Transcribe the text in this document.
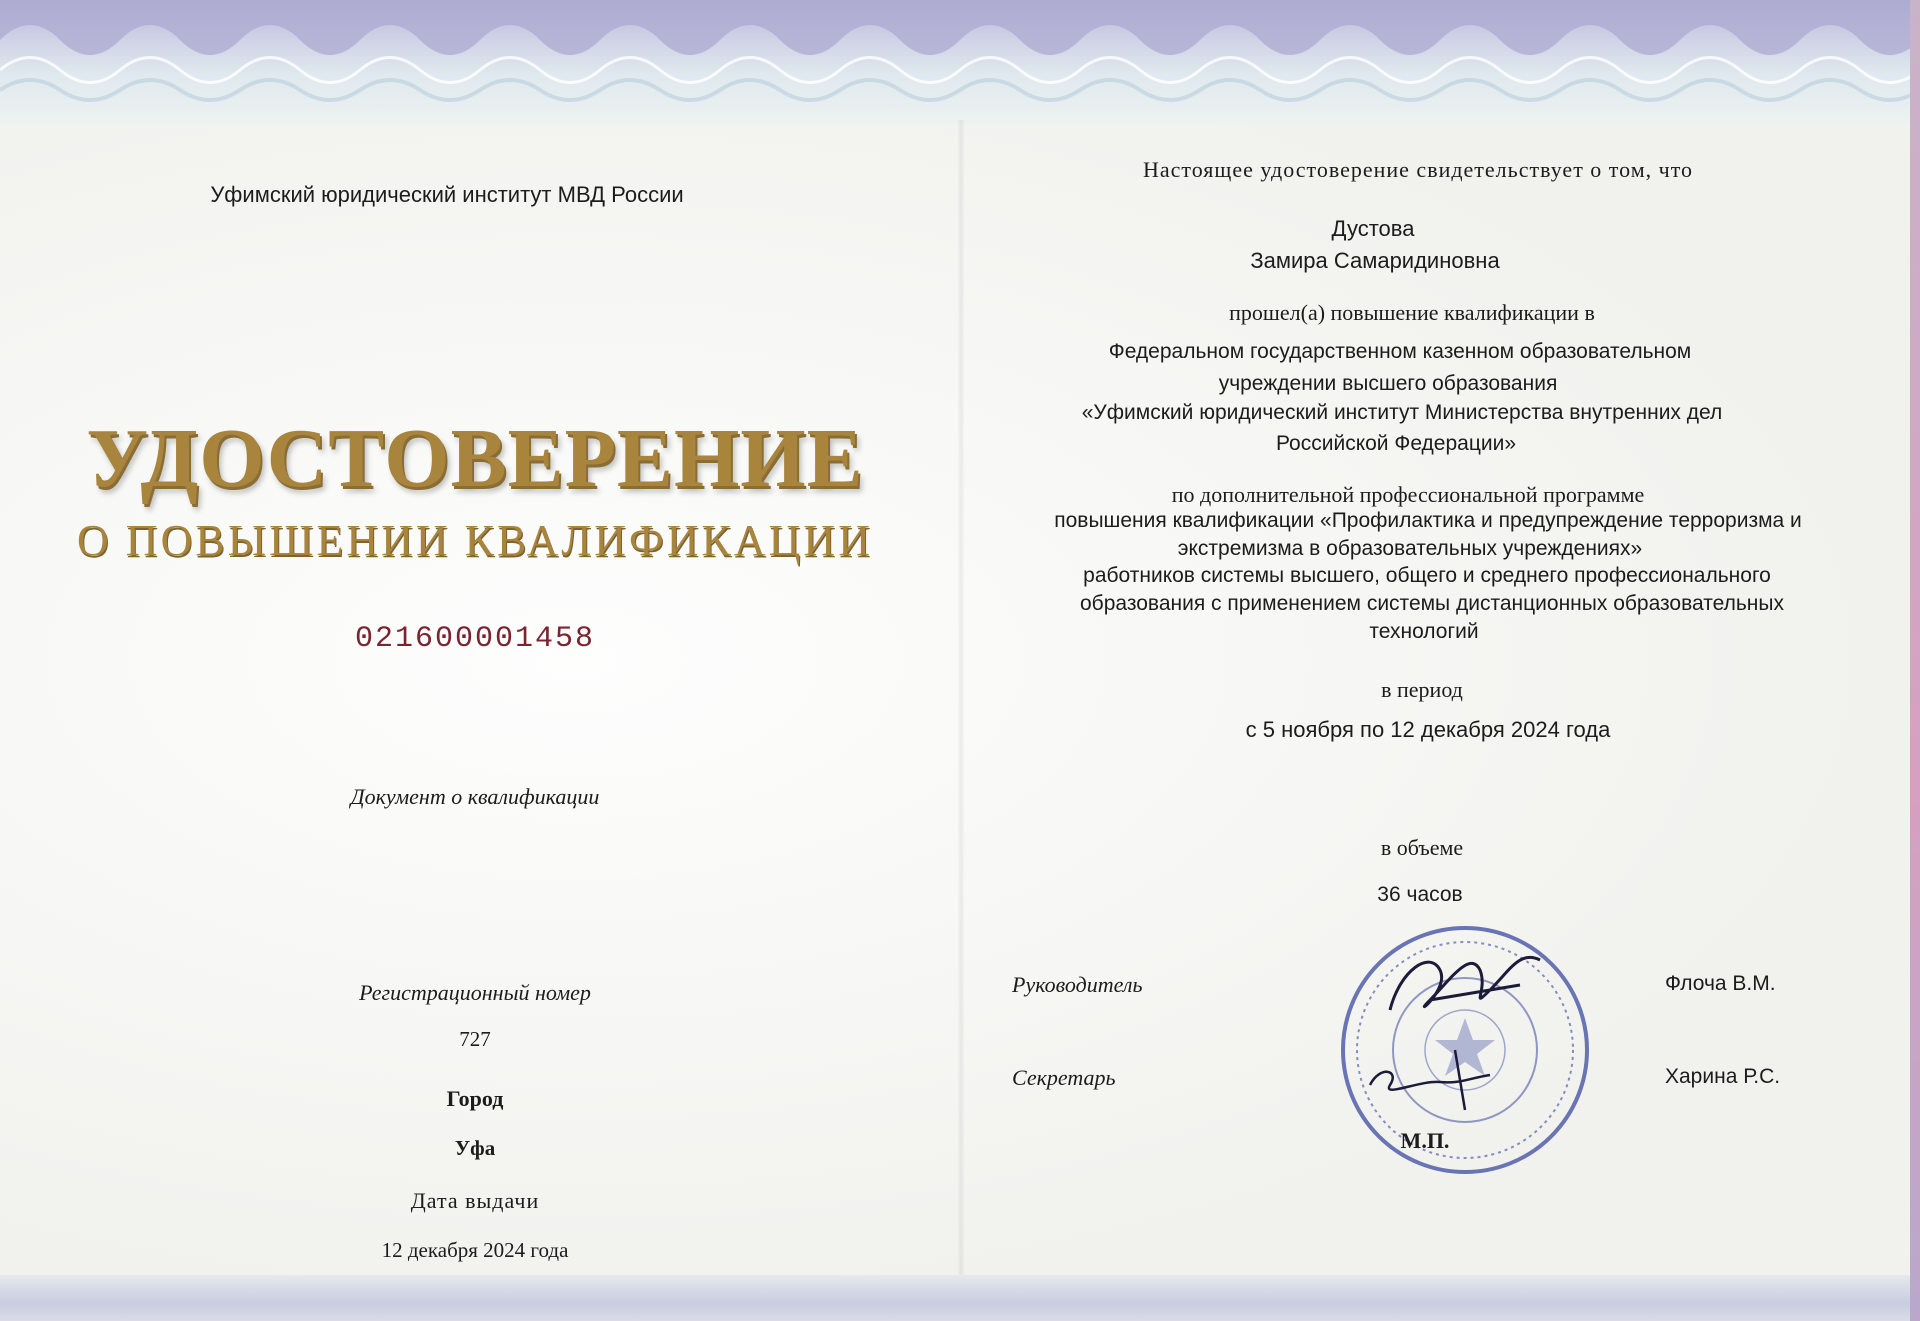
Уфимский юридический институт МВД России
УДОСТОВЕРЕНИЕ
О ПОВЫШЕНИИ КВАЛИФИКАЦИИ
021600001458
Документ о квалификации
Регистрационный номер
727
Город
Уфа
Дата выдачи
12 декабря 2024 года
Настоящее удостоверение свидетельствует о том, что
Дустова
Замира Самаридиновна
прошел(а) повышение квалификации в
Федеральном государственном казенном образовательном
учреждении высшего образования
«Уфимский юридический институт Министерства внутренних дел
Российской Федерации»
по дополнительной профессиональной программе
повышения квалификации «Профилактика и предупреждение терроризма и
экстремизма в образовательных учреждениях»
работников системы высшего, общего и среднего профессионального
образования с применением системы дистанционных образовательных
технологий
в период
с 5 ноября по 12 декабря 2024 года
в объеме
36 часов
Руководитель	Флоча В.М.
Секретарь	Харина Р.С.
М.П.
